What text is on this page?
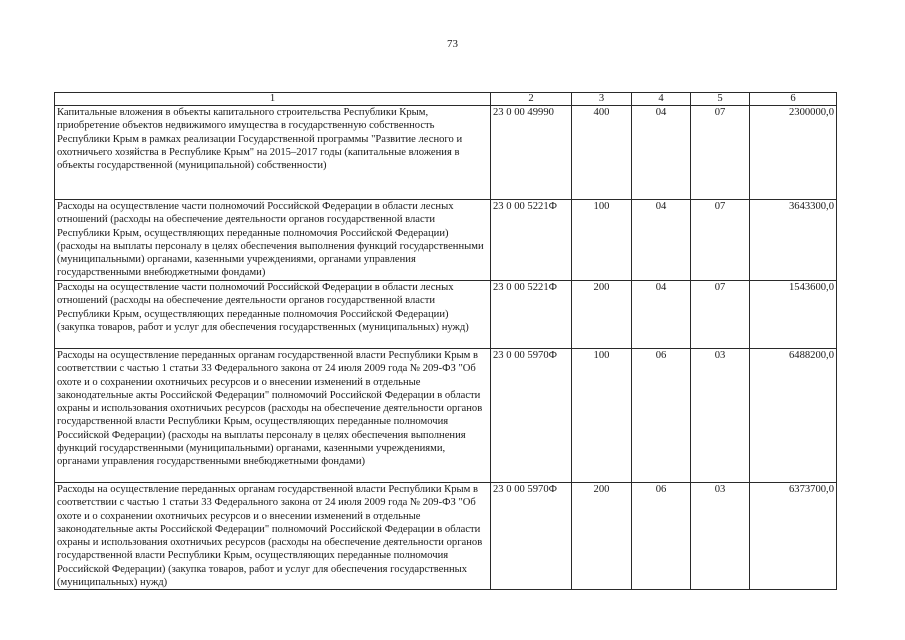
73
1	2	3	4	5	6
Капитальные вложения в объекты капитального строительства Республики Крым, приобретение объектов недвижимого имущества в государственную собственность Республики Крым в рамках реализации Государственной программы "Развитие лесного и охотничьего хозяйства в Республике Крым" на 2015–2017 годы (капитальные вложения в объекты государственной (муниципальной) собственности)	23 0 00 49990	400	04	07	2300000,0
Расходы на осуществление части полномочий Российской Федерации в области лесных отношений (расходы на обеспечение деятельности органов государственной власти Республики Крым, осуществляющих переданные полномочия Российской Федерации) (расходы на выплаты персоналу в целях обеспечения выполнения функций государственными (муниципальными) органами, казенными учреждениями, органами управления государственными внебюджетными фондами)	23 0 00 5221Ф	100	04	07	3643300,0
Расходы на осуществление части полномочий Российской Федерации в области лесных отношений (расходы на обеспечение деятельности органов государственной власти Республики Крым, осуществляющих переданные полномочия Российской Федерации) (закупка товаров, работ и услуг для обеспечения государственных (муниципальных) нужд)	23 0 00 5221Ф	200	04	07	1543600,0
Расходы на осуществление переданных органам государственной власти Республики Крым в соответствии с частью 1 статьи 33 Федерального закона от 24 июля 2009 года № 209-ФЗ "Об охоте и о сохранении охотничьих ресурсов и о внесении изменений в отдельные законодательные акты Российской Федерации" полномочий Российской Федерации в области охраны и использования охотничьих ресурсов (расходы на обеспечение деятельности органов государственной власти Республики Крым, осуществляющих переданные полномочия Российской Федерации) (расходы на выплаты персоналу в целях обеспечения выполнения функций государственными (муниципальными) органами, казенными учреждениями, органами управления государственными внебюджетными фондами)	23 0 00 5970Ф	100	06	03	6488200,0
Расходы на осуществление переданных органам государственной власти Республики Крым в соответствии с частью 1 статьи 33 Федерального закона от 24 июля 2009 года № 209-ФЗ "Об охоте и о сохранении охотничьих ресурсов и о внесении изменений в отдельные законодательные акты Российской Федерации" полномочий Российской Федерации в области охраны и использования охотничьих ресурсов (расходы на обеспечение деятельности органов государственной власти Республики Крым, осуществляющих переданные полномочия Российской Федерации) (закупка товаров, работ и услуг для обеспечения государственных (муниципальных) нужд)	23 0 00 5970Ф	200	06	03	6373700,0
